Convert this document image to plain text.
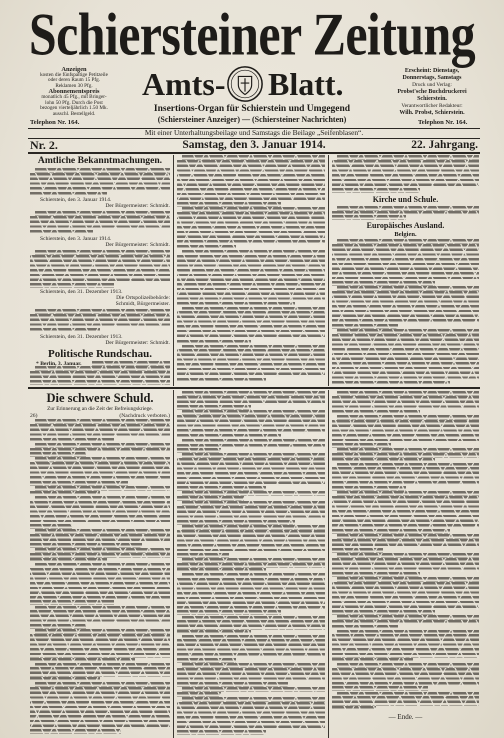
Schiersteiner Zeitung
Anzeigen
kosten die fünfspaltige Petitzeile
oder deren Raum 15 Pfg.
Reklamen 30 Pfg.
Abonnementspreis
monatlich 45 Pfg., mit Bringer-
lohn 50 Pfg. Durch die Post
bezogen vierteljährlich 1.50 Mk.
ausschl. Bestellgeld.
Telephon Nr. 164.
Amts- Blatt.
Insertions-Organ für Schierstein und Umgegend
(Schiersteiner Anzeiger) — (Schiersteiner Nachrichten)
Erscheint: Dienstags,
Donnerstags, Samstags
Druck und Verlag:
Probst'sche Buchdruckerei
Schierstein.
Verantwortlicher Redakteur:
Wilh. Probst, Schierstein.
Telephon Nr. 164.
Mit einer Unterhaltungsbeilage und Samstags die Beilage „Seifenblasen“.
Nr. 2.	Samstag, den 3. Januar 1914.	22. Jahrgang.
Amtliche Bekanntmachungen.
Schierstein, den 3. Januar 1914.
Der Bürgermeister: Schmidt.
Schierstein, den 3. Januar 1914.
Der Bürgermeister: Schmidt.
Schierstein, den 31. Dezember 1913.
Die Ortspolizeibehörde:
Schmidt, Bürgermeister.
Schierstein, den 31. Dezember 1913.
Der Bürgermeister: Schmidt.
Politische Rundschau.
* Berlin, 3. Januar.
Kirche und Schule.
Europäisches Ausland.
Belgien.
Die schwere Schuld.
Zur Erinnerung an die Zeit der Befreiungskriege.
26)	(Nachdruck verboten.)
— Ende. —
